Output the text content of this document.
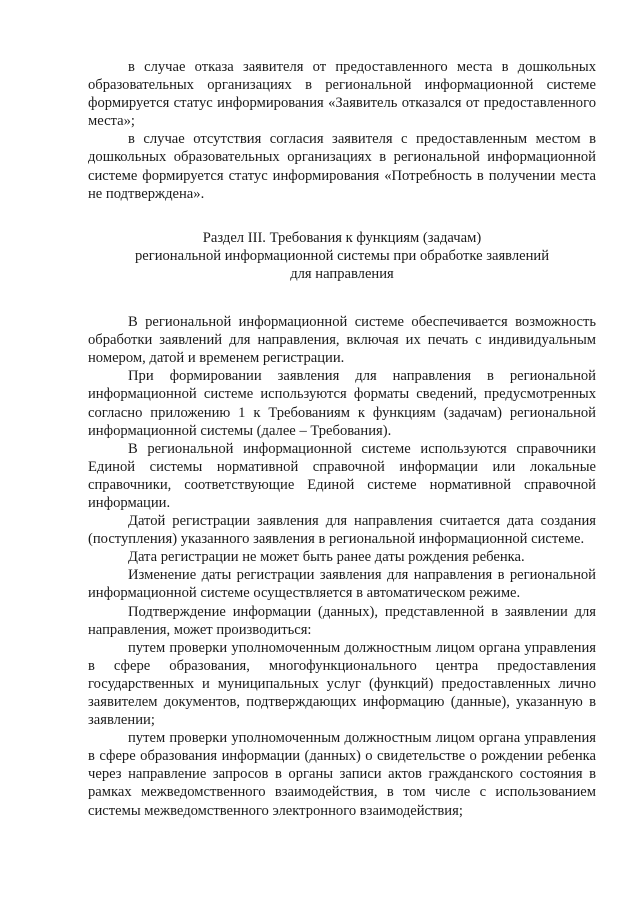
в случае отказа заявителя от предоставленного места в дошкольных образовательных организациях в региональной информационной системе формируется статус информирования «Заявитель отказался от предоставленного места»;

в случае отсутствия согласия заявителя с предоставленным местом в дошкольных образовательных организациях в региональной информационной системе формируется статус информирования «Потребность в получении места не подтверждена».

Раздел III. Требования к функциям (задачам)
региональной информационной системы при обработке заявлений
для направления

В региональной информационной системе обеспечивается возможность обработки заявлений для направления, включая их печать с индивидуальным номером, датой и временем регистрации.

При формировании заявления для направления в региональной информационной системе используются форматы сведений, предусмотренных согласно приложению 1 к Требованиям к функциям (задачам) региональной информационной системы (далее – Требования).

В региональной информационной системе используются справочники Единой системы нормативной справочной информации или локальные справочники, соответствующие Единой системе нормативной справочной информации.

Датой регистрации заявления для направления считается дата создания (поступления) указанного заявления в региональной информационной системе.

Дата регистрации не может быть ранее даты рождения ребенка.

Изменение даты регистрации заявления для направления в региональной информационной системе осуществляется в автоматическом режиме.

Подтверждение информации (данных), представленной в заявлении для направления, может производиться:

путем проверки уполномоченным должностным лицом органа управления в сфере образования, многофункционального центра предоставления государственных и муниципальных услуг (функций) предоставленных лично заявителем документов, подтверждающих информацию (данные), указанную в заявлении;

путем проверки уполномоченным должностным лицом органа управления в сфере образования информации (данных) о свидетельстве о рождении ребенка через направление запросов в органы записи актов гражданского состояния в рамках межведомственного взаимодействия, в том числе с использованием системы межведомственного электронного взаимодействия;
